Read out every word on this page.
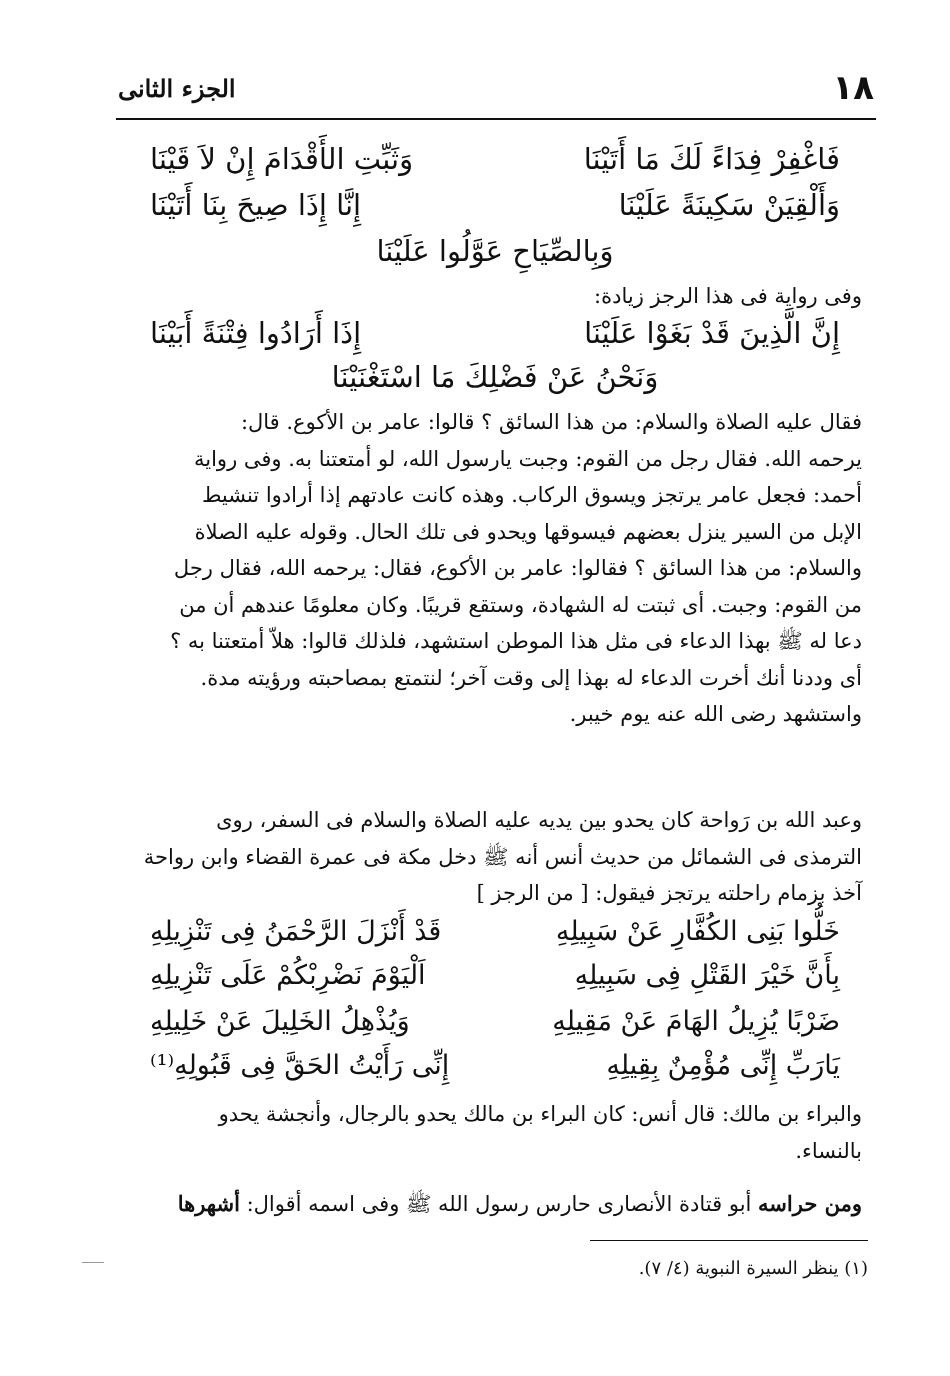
١٨
الجزء الثانى
فَاغْفِرْ فِدَاءً لَكَ مَا أَتَيْنَا
وَثَبِّتِ الأَقْدَامَ إِنْ لاَ قَيْنَا
وَأَلْقِيَنْ سَكِينَةً عَلَيْنَا
إِنَّا إِذَا صِيحَ بِنَا أَتَيْنَا
وَبِالصِّيَاحِ عَوَّلُوا عَلَيْنَا
وفى رواية فى هذا الرجز زيادة:
إِنَّ الَّذِينَ قَدْ بَغَوْا عَلَيْنَا
إِذَا أَرَادُوا فِتْنَةً أَبَيْنَا
وَنَحْنُ عَنْ فَضْلِكَ مَا اسْتَغْنَيْنَا
فقال عليه الصلاة والسلام: من هذا السائق ؟ قالوا: عامر بن الأكوع. قال:
يرحمه الله. فقال رجل من القوم: وجبت يارسول الله، لو أمتعتنا به. وفى رواية
أحمد: فجعل عامر يرتجز ويسوق الركاب. وهذه كانت عادتهم إذا أرادوا تنشيط
الإبل من السير ينزل بعضهم فيسوقها ويحدو فى تلك الحال. وقوله عليه الصلاة
والسلام: من هذا السائق ؟ فقالوا: عامر بن الأكوع، فقال: يرحمه الله، فقال رجل
من القوم: وجبت. أى ثبتت له الشهادة، وستقع قريبًا. وكان معلومًا عندهم أن من
دعا له ﷺ بهذا الدعاء فى مثل هذا الموطن استشهد، فلذلك قالوا: هلاّ أمتعتنا به ؟
أى وددنا أنك أخرت الدعاء له بهذا إلى وقت آخر؛ لنتمتع بمصاحبته ورؤيته مدة.
واستشهد رضى الله عنه يوم خيبر.
وعبد الله بن رَواحة كان يحدو بين يديه عليه الصلاة والسلام فى السفر، روى
الترمذى فى الشمائل من حديث أنس أنه ﷺ دخل مكة فى عمرة القضاء وابن رواحة
آخذ بزمام راحلته يرتجز فيقول: [ من الرجز ]
خَلُّوا بَنِى الكُفَّارِ عَنْ سَبِيلِهِ
قَدْ أَنْزَلَ الرَّحْمَنُ فِى تَنْزِيلِهِ
بِأَنَّ خَيْرَ القَتْلِ فِى سَبِيلِهِ
اَلْيَوْمَ نَضْرِبْكُمْ عَلَى تَنْزِيلِهِ
ضَرْبًا يُزِيلُ الهَامَ عَنْ مَقِيلِهِ
وَيُذْهِلُ الخَلِيلَ عَنْ خَلِيلِهِ
يَارَبِّ إِنِّى مُؤْمِنٌ بِقِيلِهِ
إِنِّى رَأَيْتُ الحَقَّ فِى قَبُولِهِ⁽¹⁾
والبراء بن مالك: قال أنس: كان البراء بن مالك يحدو بالرجال، وأنجشة يحدو
بالنساء.
ومن حراسه أبو قتادة الأنصارى حارس رسول الله ﷺ وفى اسمه أقوال: أشهرها
(١) ينظر السيرة النبوية (٤/ ٧).
